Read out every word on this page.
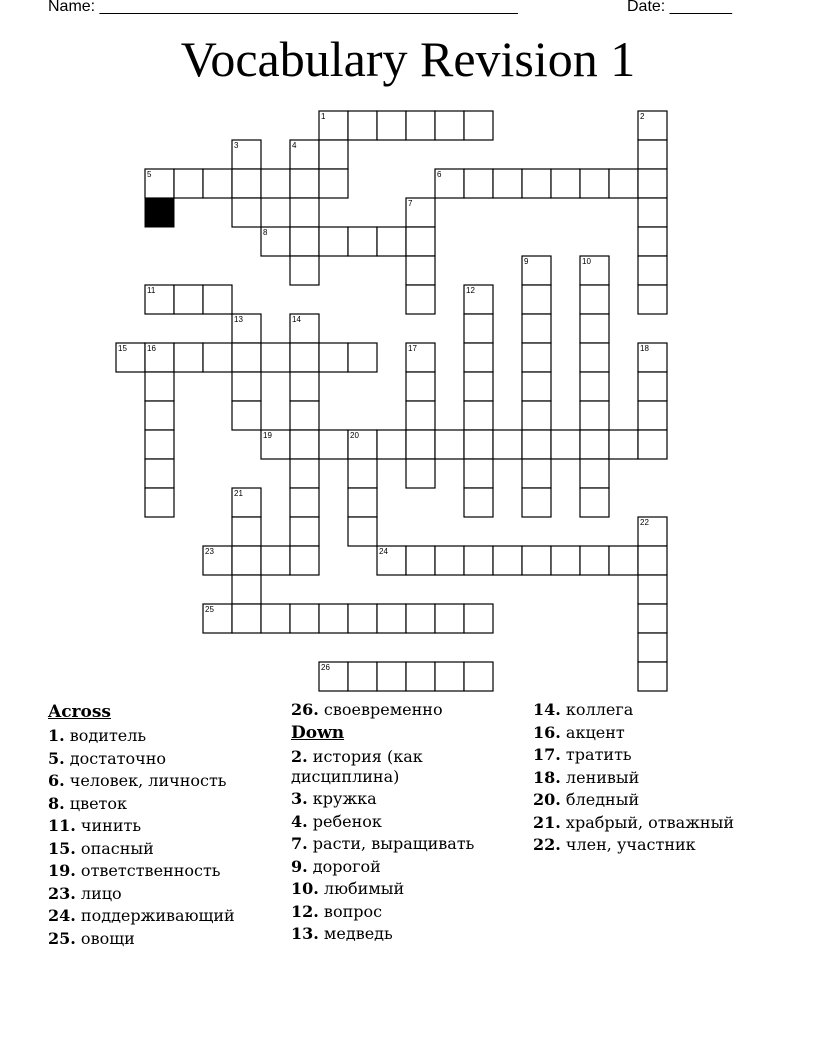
Name: _______________________________________________	Date: _______
Vocabulary Revision 1
1	2
3	4
5	6
7
8
9	10
11	12
13	14
15	16	17	18
19	20
21
22
23	24
25
26
Across
1. водитель
5. достаточно
6. человек, личность
8. цветок
11. чинить
15. опасный
19. ответственность
23. лицо
24. поддерживающий
25. овощи
26. своевременно
Down
2. история (как дисциплина)
3. кружка
4. ребенок
7. расти, выращивать
9. дорогой
10. любимый
12. вопрос
13. медведь
14. коллега
16. акцент
17. тратить
18. ленивый
20. бледный
21. храбрый, отважный
22. член, участник
